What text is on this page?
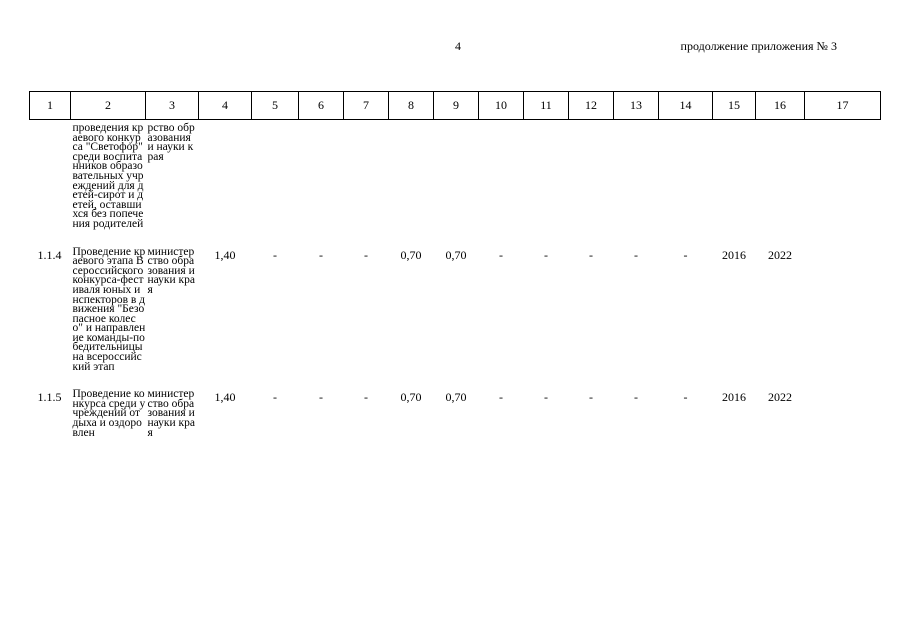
4	продолжение приложения № 3
1	2	3	4	5	6	7	8	9	10	11	12	13	14	15	16	17
	проведения краевого конкурса "Светофор" среди воспитанников образовательных учреждений для детей-сирот и детей, оставшихся без попечения родителей	рство образования и науки края														

1.1.4	Проведение краевого этапа Всероссийского конкурса-фестиваля юных инспекторов в движения "Безопасное колесо" и направление команды-победительницы на всероссийский этап	министерство образования и науки края	1,40	-	-	-	0,70	0,70	-	-	-	-	-	2016	2022	

1.1.5	Проведение конкурса среди учреждений отдыха и оздоровлен	министерство образования и науки края	1,40	-	-	-	0,70	0,70	-	-	-	-	-	2016	2022	
